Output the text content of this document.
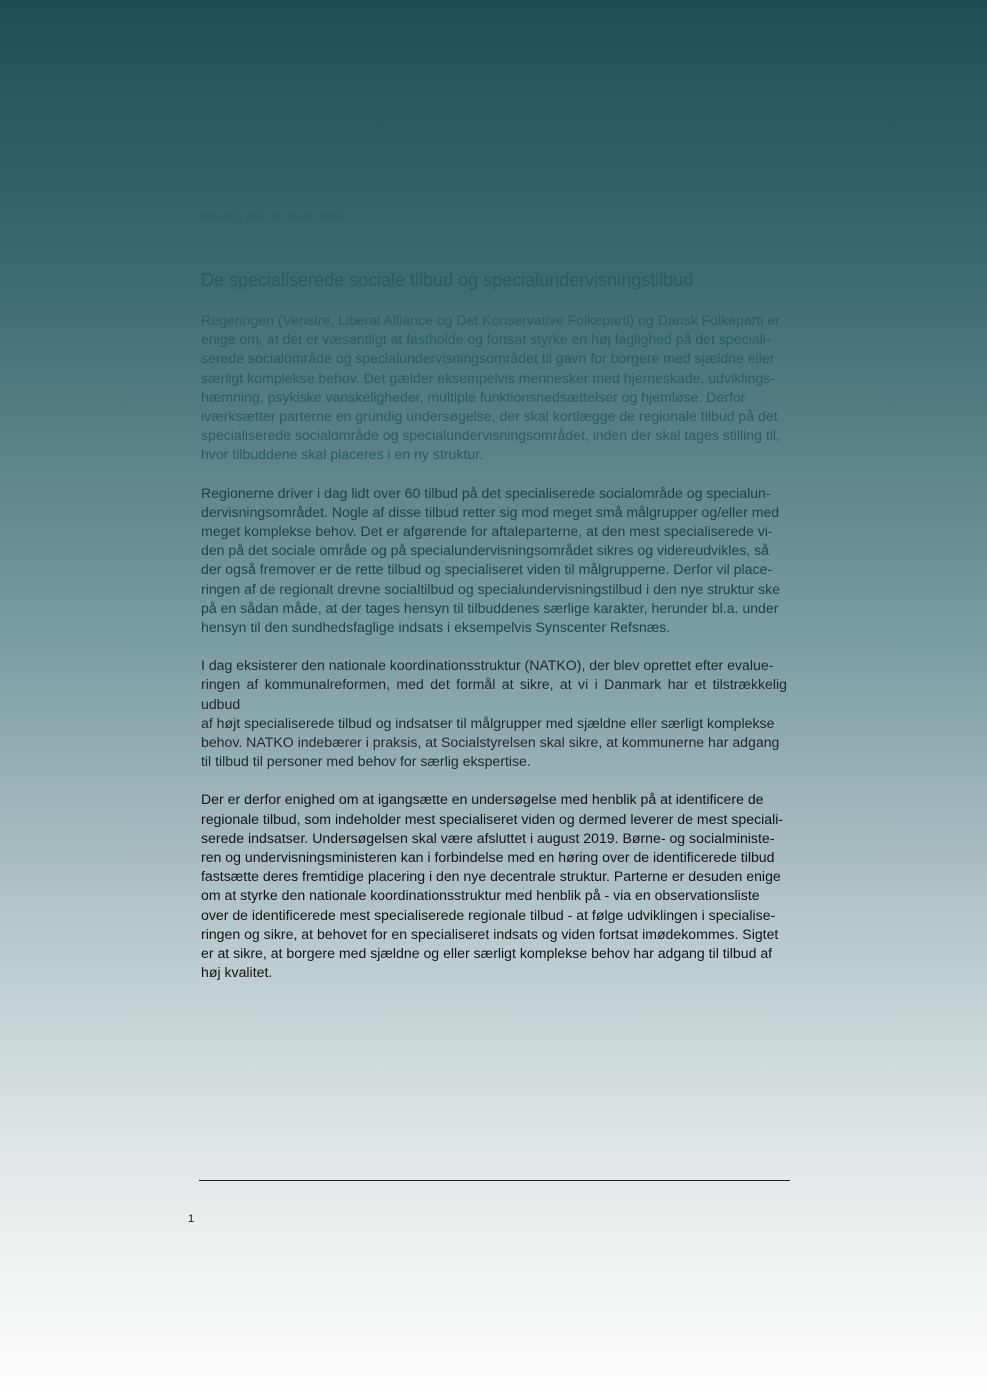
Mandag den 25. marts 2019
De specialiserede sociale tilbud og specialundervisningstilbud

Regeringen (Venstre, Liberal Alliance og Det Konservative Folkeparti) og Dansk Folkeparti er
enige om, at det er væsentligt at fastholde og fortsat styrke en høj faglighed på det speciali-
serede socialområde og specialundervisningsområdet til gavn for borgere med sjældne eller
særligt komplekse behov. Det gælder eksempelvis mennesker med hjerneskade, udviklings-
hæmning, psykiske vanskeligheder, multiple funktionsnedsættelser og hjemløse. Derfor
iværksætter parterne en grundig undersøgelse, der skal kortlægge de regionale tilbud på det
specialiserede socialområde og specialundervisningsområdet, inden der skal tages stilling til,
hvor tilbuddene skal placeres i en ny struktur.

Regionerne driver i dag lidt over 60 tilbud på det specialiserede socialområde og specialun-
dervisningsområdet. Nogle af disse tilbud retter sig mod meget små målgrupper og/eller med
meget komplekse behov. Det er afgørende for aftaleparterne, at den mest specialiserede vi-
den på det sociale område og på specialundervisningsområdet sikres og videreudvikles, så
der også fremover er de rette tilbud og specialiseret viden til målgrupperne. Derfor vil place-
ringen af de regionalt drevne socialtilbud og specialundervisningstilbud i den nye struktur ske
på en sådan måde, at der tages hensyn til tilbuddenes særlige karakter, herunder bl.a. under
hensyn til den sundhedsfaglige indsats i eksempelvis Synscenter Refsnæs.

I dag eksisterer den nationale koordinationsstruktur (NATKO), der blev oprettet efter evalue-
ringen af kommunalreformen, med det formål at sikre, at vi i Danmark har et tilstrækkelig udbud
af højt specialiserede tilbud og indsatser til målgrupper med sjældne eller særligt komplekse
behov. NATKO indebærer i praksis, at Socialstyrelsen skal sikre, at kommunerne har adgang
til tilbud til personer med behov for særlig ekspertise.

Der er derfor enighed om at igangsætte en undersøgelse med henblik på at identificere de
regionale tilbud, som indeholder mest specialiseret viden og dermed leverer de mest speciali-
serede indsatser. Undersøgelsen skal være afsluttet i august 2019. Børne- og socialministe-
ren og undervisningsministeren kan i forbindelse med en høring over de identificerede tilbud
fastsætte deres fremtidige placering i den nye decentrale struktur. Parterne er desuden enige
om at styrke den nationale koordinationsstruktur med henblik på - via en observationsliste
over de identificerede mest specialiserede regionale tilbud - at følge udviklingen i specialise-
ringen og sikre, at behovet for en specialiseret indsats og viden fortsat imødekommes. Sigtet
er at sikre, at borgere med sjældne og eller særligt komplekse behov har adgang til tilbud af
høj kvalitet.

1
